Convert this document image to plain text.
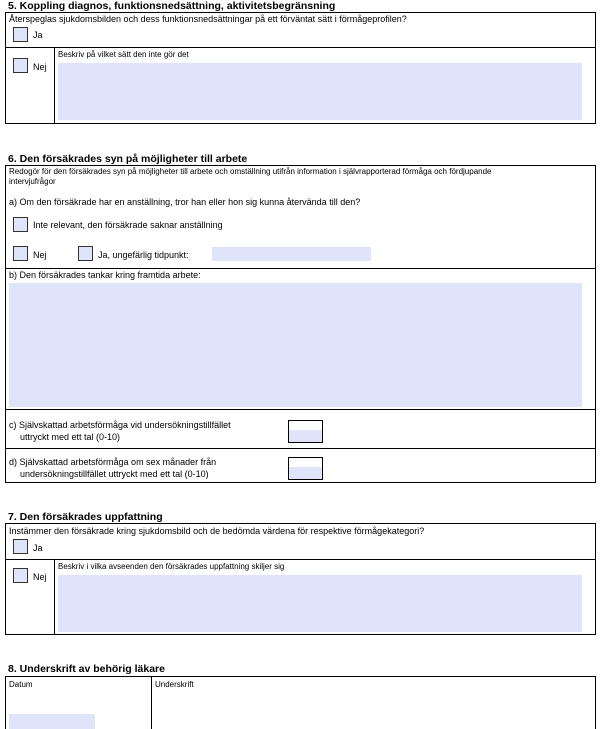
5. Koppling diagnos, funktionsnedsättning, aktivitetsbegränsning
Återspeglas sjukdomsbilden och dess funktionsnedsättningar på ett förväntat sätt i förmågeprofilen?
Ja
Nej
Beskriv på vilket sätt den inte gör det
6. Den försäkrades syn på möjligheter till arbete
Redogör för den försäkrades syn på möjligheter till arbete och omställning utifrån information i självrapporterad förmåga och fördjupande
intervjufrågor
a) Om den försäkrade har en anställning, tror han eller hon sig kunna återvända till den?
Inte relevant, den försäkrade saknar anställning
Nej	Ja, ungefärlig tidpunkt:
b) Den försäkrades tankar kring framtida arbete:
c) Självskattad arbetsförmåga vid undersökningstillfället
uttryckt med ett tal (0-10)
d) Självskattad arbetsförmåga om sex månader från
undersökningstillfället uttryckt med ett tal (0-10)
7. Den försäkrades uppfattning
Instämmer den försäkrade kring sjukdomsbild och de bedömda värdena för respektive förmågekategori?
Ja
Nej
Beskriv i vilka avseenden den försäkrades uppfattning skiljer sig
8. Underskrift av behörig läkare
Datum	Underskrift
